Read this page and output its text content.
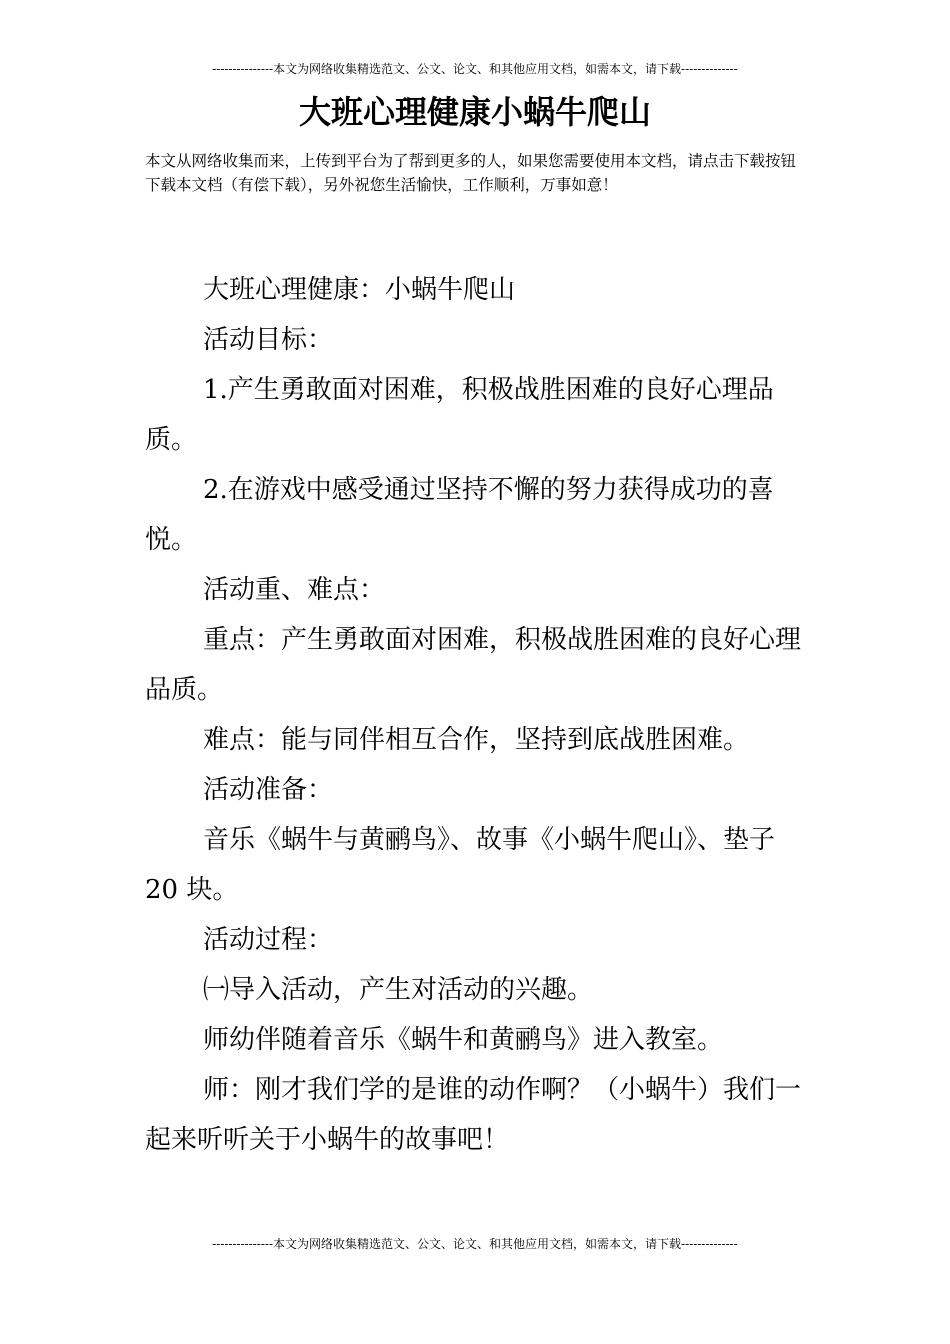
---------------本文为网络收集精选范文、公文、论文、和其他应用文档，如需本文，请下载--------------
大班心理健康小蜗牛爬山
本文从网络收集而来，上传到平台为了帮到更多的人，如果您需要使用本文档，请点击下载按钮下载本文档（有偿下载），另外祝您生活愉快，工作顺利，万事如意！

大班心理健康：小蜗牛爬山

活动目标：

1.产生勇敢面对困难，积极战胜困难的良好心理品质。

2.在游戏中感受通过坚持不懈的努力获得成功的喜悦。

活动重、难点：

重点：产生勇敢面对困难，积极战胜困难的良好心理品质。

难点：能与同伴相互合作，坚持到底战胜困难。

活动准备：

音乐《蜗牛与黄鹂鸟》、故事《小蜗牛爬山》、垫子 20 块。

活动过程：

㈠导入活动，产生对活动的兴趣。

师幼伴随着音乐《蜗牛和黄鹂鸟》进入教室。

师：刚才我们学的是谁的动作啊？（小蜗牛）我们一起来听听关于小蜗牛的故事吧！

---------------本文为网络收集精选范文、公文、论文、和其他应用文档，如需本文，请下载--------------
